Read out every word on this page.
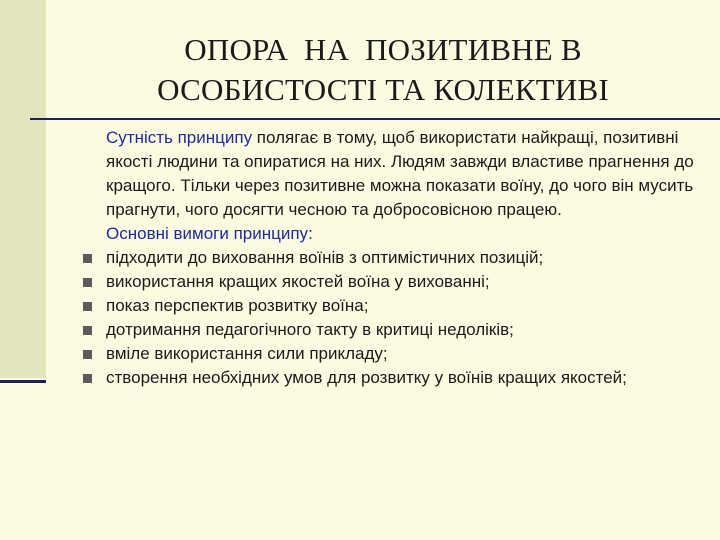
ОПОРА  НА  ПОЗИТИВНЕ В
ОСОБИСТОСТІ ТА КОЛЕКТИВІ

Сутність принципу полягає в тому, щоб використати найкращі, позитивні якості людини та опиратися на них. Людям завжди властиве прагнення до кращого. Тільки через позитивне можна показати воїну, до чого він мусить прагнути, чого досягти чесною та добросовісною працею.

Основні вимоги принципу:

підходити до виховання воїнів з оптимістичних позицій;
використання кращих якостей воїна у вихованні;
показ перспектив розвитку воїна;
дотримання педагогічного такту в критиці недоліків;
вміле використання сили прикладу;
створення необхідних умов для розвитку у воїнів кращих якостей;
